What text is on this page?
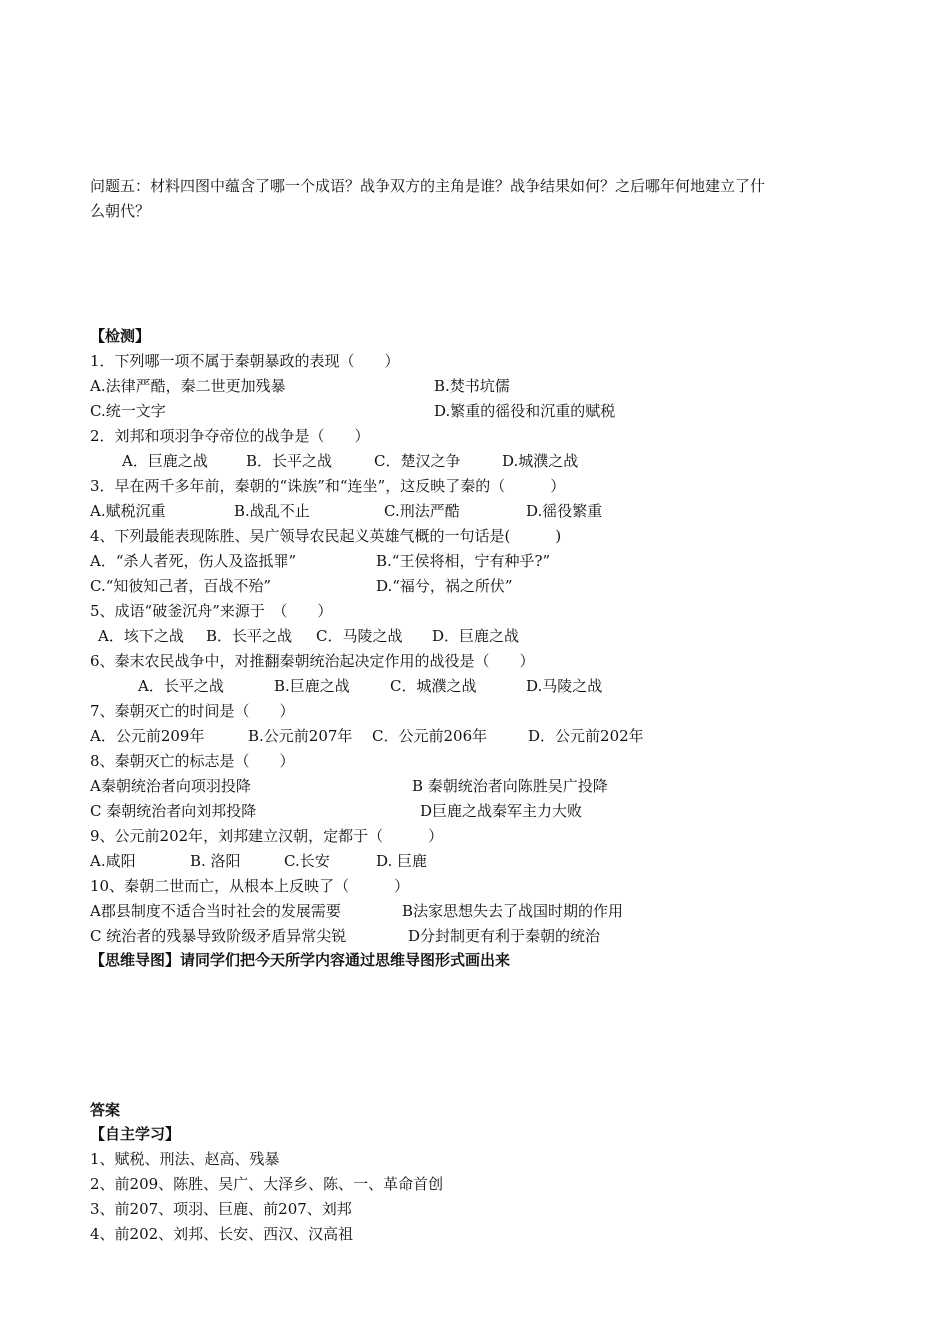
问题五：材料四图中蕴含了哪一个成语？战争双方的主角是谁？战争结果如何？之后哪年何地建立了什
么朝代？
【检测】
1．下列哪一项不属于秦朝暴政的表现（　　）
A.法律严酷，秦二世更加残暴	B.焚书坑儒
C.统一文字	D.繁重的徭役和沉重的赋税
2．刘邦和项羽争夺帝位的战争是（　　）
A．巨鹿之战	B．长平之战	C．楚汉之争	D.城濮之战
3．早在两千多年前，秦朝的“诛族”和“连坐”，这反映了秦的（　　　）
A.赋税沉重	B.战乱不止	C.刑法严酷	D.徭役繁重
4、下列最能表现陈胜、吴广领导农民起义英雄气概的一句话是(　　　)
A．“杀人者死，伤人及盗抵罪”	B.“王侯将相，宁有种乎?”
C.“知彼知己者，百战不殆”	D.“福兮，祸之所伏”
5、成语“破釜沉舟”来源于　（　　）
A．垓下之战 B．长平之战 C．马陵之战 D．巨鹿之战
6、秦末农民战争中，对推翻秦朝统治起决定作用的战役是（　　）
A．长平之战	B.巨鹿之战	C．城濮之战	D.马陵之战
7、秦朝灭亡的时间是（　　）
A．公元前209年	B.公元前207年 C．公元前206年	D．公元前202年
8、秦朝灭亡的标志是（　　）
A秦朝统治者向项羽投降	B 秦朝统治者向陈胜吴广投降
C 秦朝统治者向刘邦投降	D巨鹿之战秦军主力大败
9、公元前202年，刘邦建立汉朝，定都于（　　　）
A.咸阳	B. 洛阳	C.长安	D. 巨鹿
10、秦朝二世而亡，从根本上反映了（　　　）
A郡县制度不适合当时社会的发展需要	B法家思想失去了战国时期的作用
C 统治者的残暴导致阶级矛盾异常尖锐	D分封制更有利于秦朝的统治
【思维导图】请同学们把今天所学内容通过思维导图形式画出来
答案
【自主学习】
1、赋税、刑法、赵高、残暴
2、前209、陈胜、吴广、大泽乡、陈、一、革命首创
3、前207、项羽、巨鹿、前207、刘邦
4、前202、刘邦、长安、西汉、汉高祖
